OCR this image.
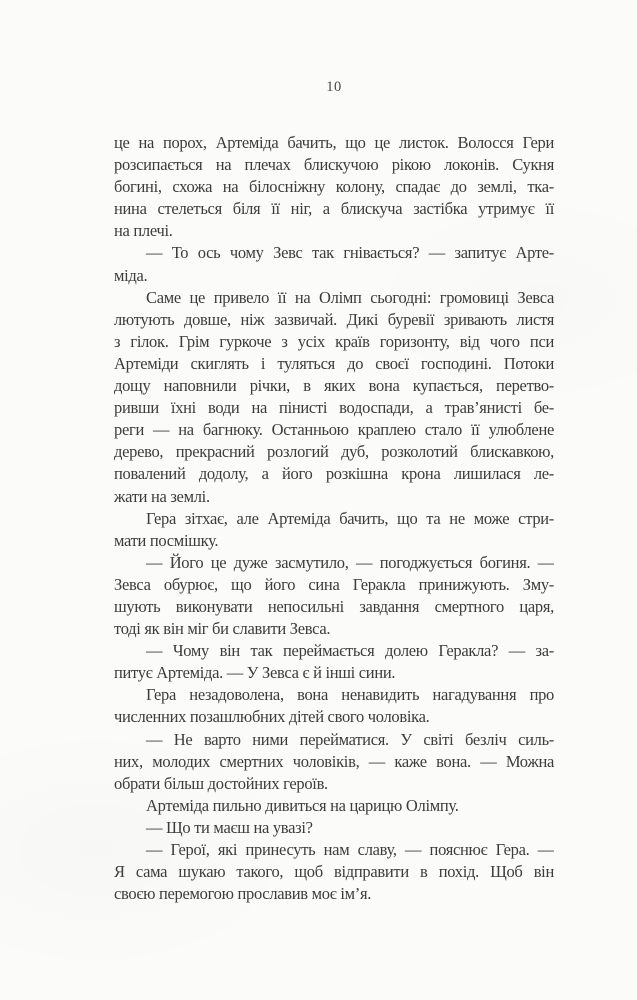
10
це на порох, Артеміда бачить, що це листок. Волосся Гери
розсипається на плечах блискучою рікою локонів. Сукня
богині, схожа на білосніжну колону, спадає до землі, тка-
нина стелеться біля її ніг, а блискуча застібка утримує її
на плечі.
— То ось чому Зевс так гнівається? — запитує Арте-
міда.
Саме це привело її на Олімп сьогодні: громовиці Зевса
лютують довше, ніж зазвичай. Дикі буревії зривають листя
з гілок. Грім гуркоче з усіх країв горизонту, від чого пси
Артеміди скиглять і туляться до своєї господині. Потоки
дощу наповнили річки, в яких вона купається, перетво-
ривши їхні води на пінисті водоспади, а трав’янисті бе-
реги — на багнюку. Останньою краплею стало її улюблене
дерево, прекрасний розлогий дуб, розколотий блискавкою,
повалений додолу, а його розкішна крона лишилася ле-
жати на землі.
Гера зітхає, але Артеміда бачить, що та не може стри-
мати посмішку.
— Його це дуже засмутило, — погоджується богиня. —
Зевса обурює, що його сина Геракла принижують. Зму-
шують виконувати непосильні завдання смертного царя,
тоді як він міг би славити Зевса.
— Чому він так переймається долею Геракла? — за-
питує Артеміда. — У Зевса є й інші сини.
Гера незадоволена, вона ненавидить нагадування про
численних позашлюбних дітей свого чоловіка.
— Не варто ними перейматися. У світі безліч силь-
них, молодих смертних чоловіків, — каже вона. — Можна
обрати більш достойних героїв.
Артеміда пильно дивиться на царицю Олімпу.
— Що ти маєш на увазі?
— Герої, які принесуть нам славу, — пояснює Гера. —
Я сама шукаю такого, щоб відправити в похід. Щоб він
своєю перемогою прославив моє ім’я.
